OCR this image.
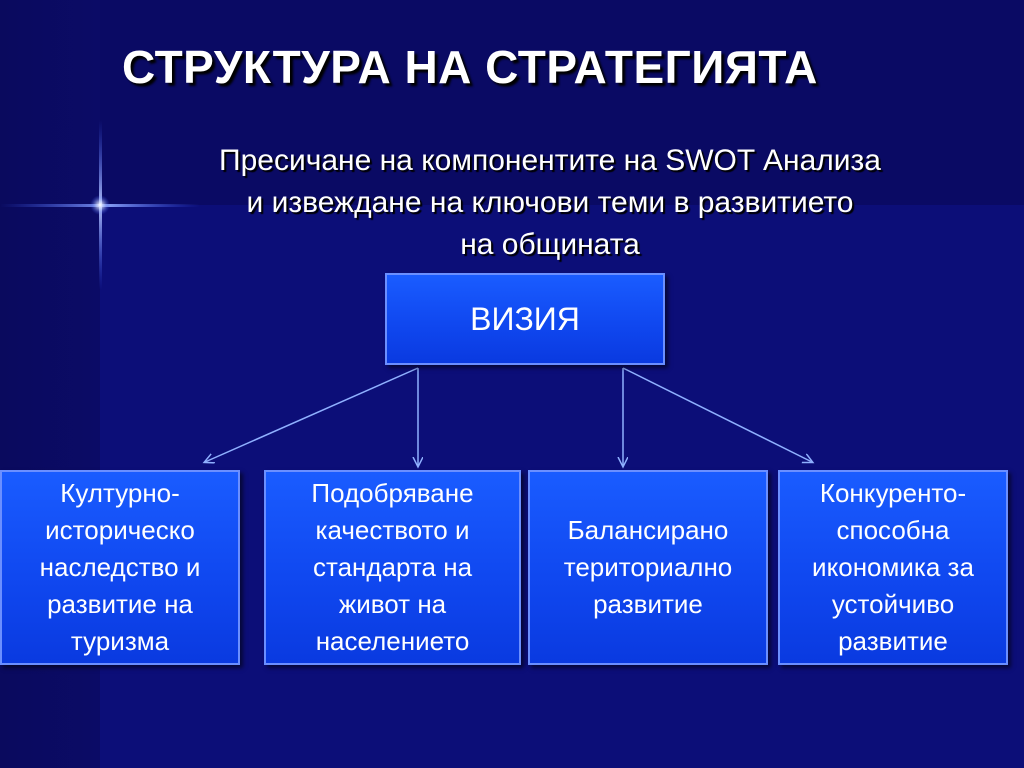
СТРУКТУРА НА СТРАТЕГИЯТА
Пресичане на компонентите на SWOT Анализа
и извеждане на ключови теми в развитието
на общината
ВИЗИЯ
Културно-
историческо
наследство и
развитие на
туризма
Подобряване
качеството и
стандарта на
живот на
населението
Балансирано
териториално
развитие
Конкуренто-
способна
икономика за
устойчиво
развитие
